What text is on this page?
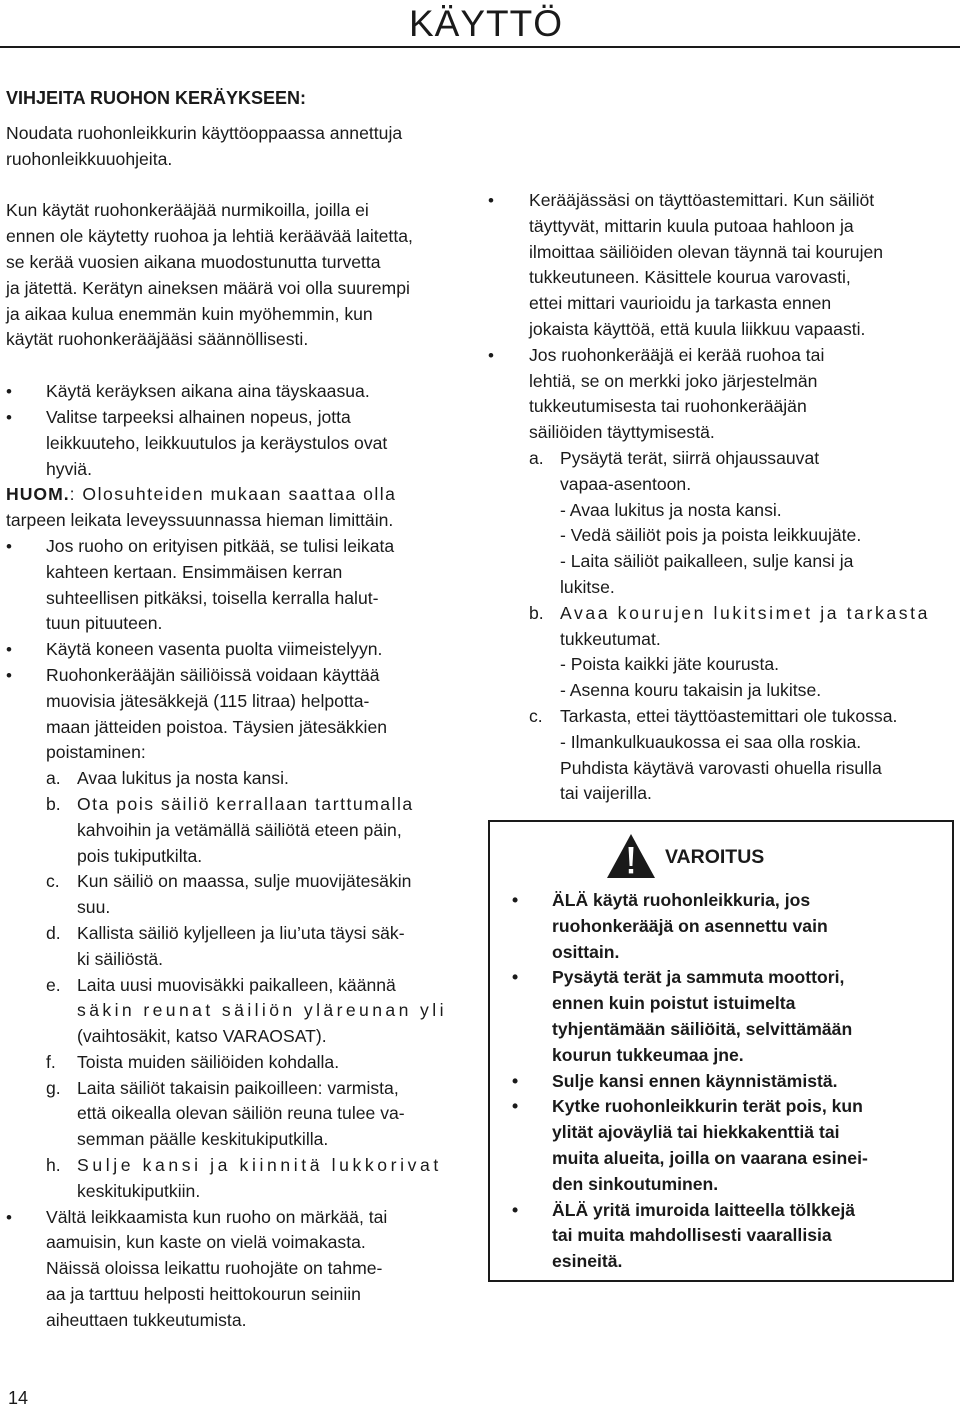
KÄYTTÖ

VIHJEITA RUOHON KERÄYKSEEN:

Noudata ruohonleikkurin käyttöoppaassa annettuja
ruohonleikkuuohjeita.

Kun käytät ruohonkerääjää nurmikoilla, joilla ei
ennen ole käytetty ruohoa ja lehtiä keräävää laitetta,
se kerää vuosien aikana muodostunutta turvetta
ja jätettä. Kerätyn aineksen määrä voi olla suurempi
ja aikaa kulua enemmän kuin myöhemmin, kun
käytät ruohonkerääjääsi säännöllisesti.

• Käytä keräyksen aikana aina täyskaasua.
• Valitse tarpeeksi alhainen nopeus, jotta
leikkuuteho, leikkuutulos ja keräystulos ovat
hyviä.

HUOM.: Olosuhteiden mukaan saattaa olla
tarpeen leikata leveyssuunnassa hieman limittäin.

• Jos ruoho on erityisen pitkää, se tulisi leikata
kahteen kertaan. Ensimmäisen kerran
suhteellisen pitkäksi, toisella kerralla halut-
tuun pituuteen.
• Käytä koneen vasenta puolta viimeistelyyn.
• Ruohonkerääjän säiliöissä voidaan käyttää
muovisia jätesäkkejä (115 litraa) helpotta-
maan jätteiden poistoa. Täysien jätesäkkien
poistaminen:
a. Avaa lukitus ja nosta kansi.
b. Ota pois säiliö kerrallaan tarttumalla
kahvoihin ja vetämällä säiliötä eteen päin,
pois tukiputkilta.
c. Kun säiliö on maassa, sulje muovijätesäkin
suu.
d. Kallista säiliö kyljelleen ja liu’uta täysi säk-
ki säiliöstä.
e. Laita uusi muovisäkki paikalleen, käännä
säkin reunat säiliön yläreunan yli
(vaihtosäkit, katso VARAOSAT).
f. Toista muiden säiliöiden kohdalla.
g. Laita säiliöt takaisin paikoilleen: varmista,
että oikealla olevan säiliön reuna tulee va-
semman päälle keskitukiputkilla.
h. Sulje kansi ja kiinnitä lukkorivat
keskitukiputkiin.
• Vältä leikkaamista kun ruoho on märkää, tai
aamuisin, kun kaste on vielä voimakasta.
Näissä oloissa leikattu ruohojäte on tahme-
aa ja tarttuu helposti heittokourun seiniin
aiheuttaen tukkeutumista.
• Kerääjässäsi on täyttöastemittari. Kun säiliöt
täyttyvät, mittarin kuula putoaa hahloon ja
ilmoittaa säiliöiden olevan täynnä tai kourujen
tukkeutuneen. Käsittele kourua varovasti,
ettei mittari vaurioidu ja tarkasta ennen
jokaista käyttöä, että kuula liikkuu vapaasti.
• Jos ruohonkerääjä ei kerää ruohoa tai
lehtiä, se on merkki joko järjestelmän
tukkeutumisesta tai ruohonkerääjän
säiliöiden täyttymisestä.
a. Pysäytä terät, siirrä ohjaussauvat
vapaa-asentoon.
- Avaa lukitus ja nosta kansi.
- Vedä säiliöt pois ja poista leikkuujäte.
- Laita säiliöt paikalleen, sulje kansi ja
lukitse.
b. Avaa kourujen lukitsimet ja tarkasta
tukkeutumat.
- Poista kaikki jäte kourusta.
- Asenna kouru takaisin ja lukitse.
c. Tarkasta, ettei täyttöastemittari ole tukossa.
- Ilmankulkuaukossa ei saa olla roskia.
Puhdista käytävä varovasti ohuella risulla
tai vaijerilla.
VAROITUS
• ÄLÄ käytä ruohonleikkuria, jos
ruohonkerääjä on asennettu vain
osittain.
• Pysäytä terät ja sammuta moottori,
ennen kuin poistut istuimelta
tyhjentämään säiliöitä, selvittämään
kourun tukkeumaa jne.
• Sulje kansi ennen käynnistämistä.
• Kytke ruohonleikkurin terät pois, kun
ylität ajoväyliä tai hiekkakenttiä tai
muita alueita, joilla on vaarana esinei-
den sinkoutuminen.
• ÄLÄ yritä imuroida laitteella tölkkejä
tai muita mahdollisesti vaarallisia
esineitä.
14
